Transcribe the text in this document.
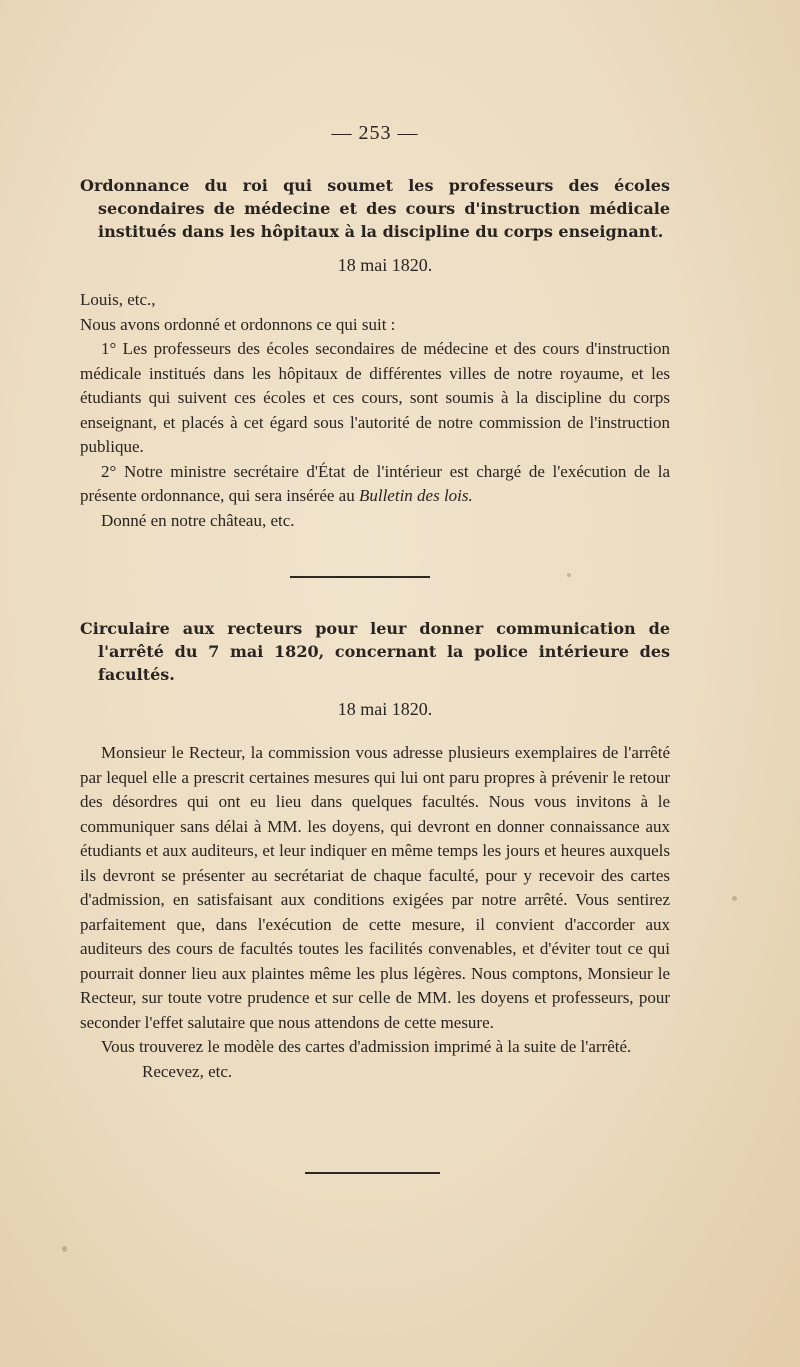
— 253 —

Ordonnance du roi qui soumet les professeurs des écoles secondaires de médecine et des cours d'instruction médicale institués dans les hôpitaux à la discipline du corps enseignant.

18 mai 1820.

Louis, etc.,

Nous avons ordonné et ordonnons ce qui suit :

1° Les professeurs des écoles secondaires de médecine et des cours d'instruction médicale institués dans les hôpitaux de différentes villes de notre royaume, et les étudiants qui suivent ces écoles et ces cours, sont soumis à la discipline du corps enseignant, et placés à cet égard sous l'autorité de notre commission de l'instruction publique.

2° Notre ministre secrétaire d'État de l'intérieur est chargé de l'exécution de la présente ordonnance, qui sera insérée au Bulletin des lois.

Donné en notre château, etc.

Circulaire aux recteurs pour leur donner communication de l'arrêté du 7 mai 1820, concernant la police intérieure des facultés.

18 mai 1820.

Monsieur le Recteur, la commission vous adresse plusieurs exemplaires de l'arrêté par lequel elle a prescrit certaines mesures qui lui ont paru propres à prévenir le retour des désordres qui ont eu lieu dans quelques facultés. Nous vous invitons à le communiquer sans délai à MM. les doyens, qui devront en donner connaissance aux étudiants et aux auditeurs, et leur indiquer en même temps les jours et heures auxquels ils devront se présenter au secrétariat de chaque faculté, pour y recevoir des cartes d'admission, en satisfaisant aux conditions exigées par notre arrêté. Vous sentirez parfaitement que, dans l'exécution de cette mesure, il convient d'accorder aux auditeurs des cours de facultés toutes les facilités convenables, et d'éviter tout ce qui pourrait donner lieu aux plaintes même les plus légères. Nous comptons, Monsieur le Recteur, sur toute votre prudence et sur celle de MM. les doyens et professeurs, pour seconder l'effet salutaire que nous attendons de cette mesure.

Vous trouverez le modèle des cartes d'admission imprimé à la suite de l'arrêté.

Recevez, etc.
